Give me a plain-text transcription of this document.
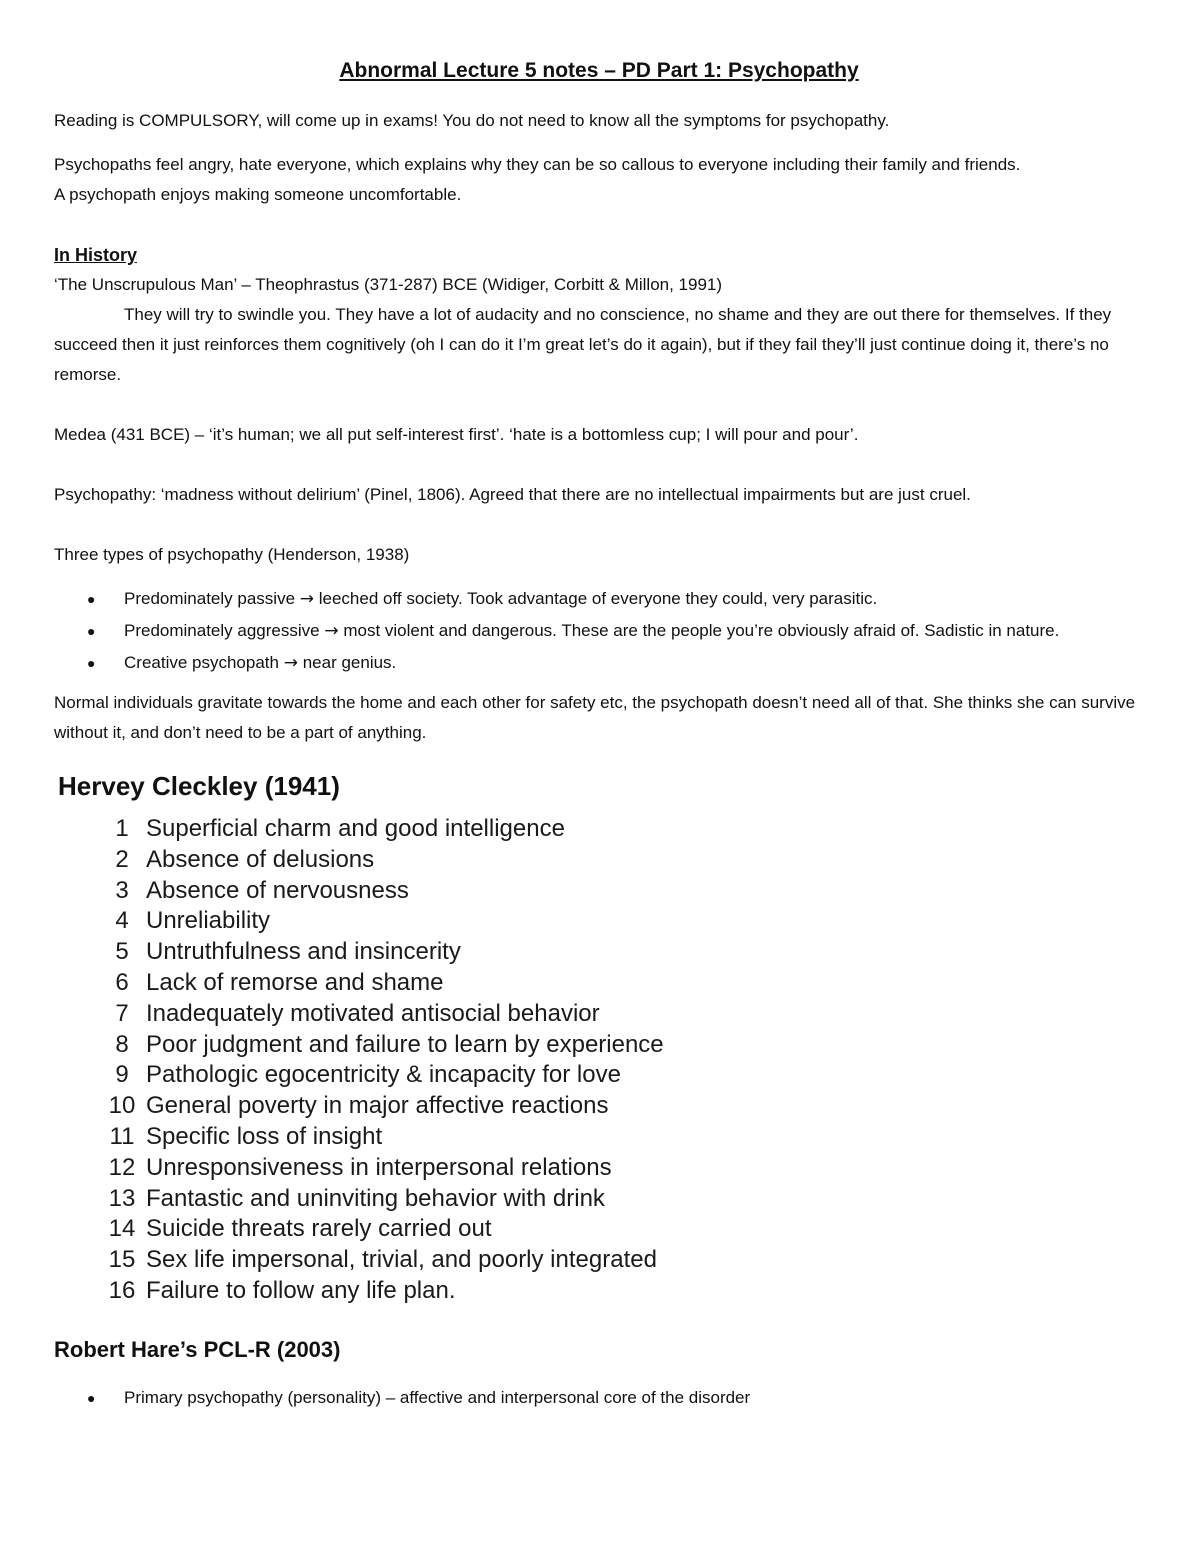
Abnormal Lecture 5 notes – PD Part 1: Psychopathy

Reading is COMPULSORY, will come up in exams! You do not need to know all the symptoms for psychopathy.

Psychopaths feel angry, hate everyone, which explains why they can be so callous to everyone including their family and friends.

A psychopath enjoys making someone uncomfortable.

In History

‘The Unscrupulous Man’ – Theophrastus (371-287) BCE (Widiger, Corbitt & Millon, 1991)

They will try to swindle you. They have a lot of audacity and no conscience, no shame and they are out there for themselves. If they succeed then it just reinforces them cognitively (oh I can do it I’m great let’s do it again), but if they fail they’ll just continue doing it, there’s no remorse.

Medea (431 BCE) – ‘it’s human; we all put self-interest first’. ‘hate is a bottomless cup; I will pour and pour’.

Psychopathy: ‘madness without delirium’ (Pinel, 1806). Agreed that there are no intellectual impairments but are just cruel.

Three types of psychopathy (Henderson, 1938)

● Predominately passive → leeched off society. Took advantage of everyone they could, very parasitic.
● Predominately aggressive → most violent and dangerous. These are the people you’re obviously afraid of. Sadistic in nature.
● Creative psychopath → near genius.

Normal individuals gravitate towards the home and each other for safety etc, the psychopath doesn’t need all of that. She thinks she can survive without it, and don’t need to be a part of anything.

Hervey Cleckley (1941)
1 Superficial charm and good intelligence
2 Absence of delusions
3 Absence of nervousness
4 Unreliability
5 Untruthfulness and insincerity
6 Lack of remorse and shame
7 Inadequately motivated antisocial behavior
8 Poor judgment and failure to learn by experience
9 Pathologic egocentricity & incapacity for love
10 General poverty in major affective reactions
11 Specific loss of insight
12 Unresponsiveness in interpersonal relations
13 Fantastic and uninviting behavior with drink
14 Suicide threats rarely carried out
15 Sex life impersonal, trivial, and poorly integrated
16 Failure to follow any life plan.
Robert Hare’s PCL-R (2003)
● Primary psychopathy (personality) – affective and interpersonal core of the disorder
